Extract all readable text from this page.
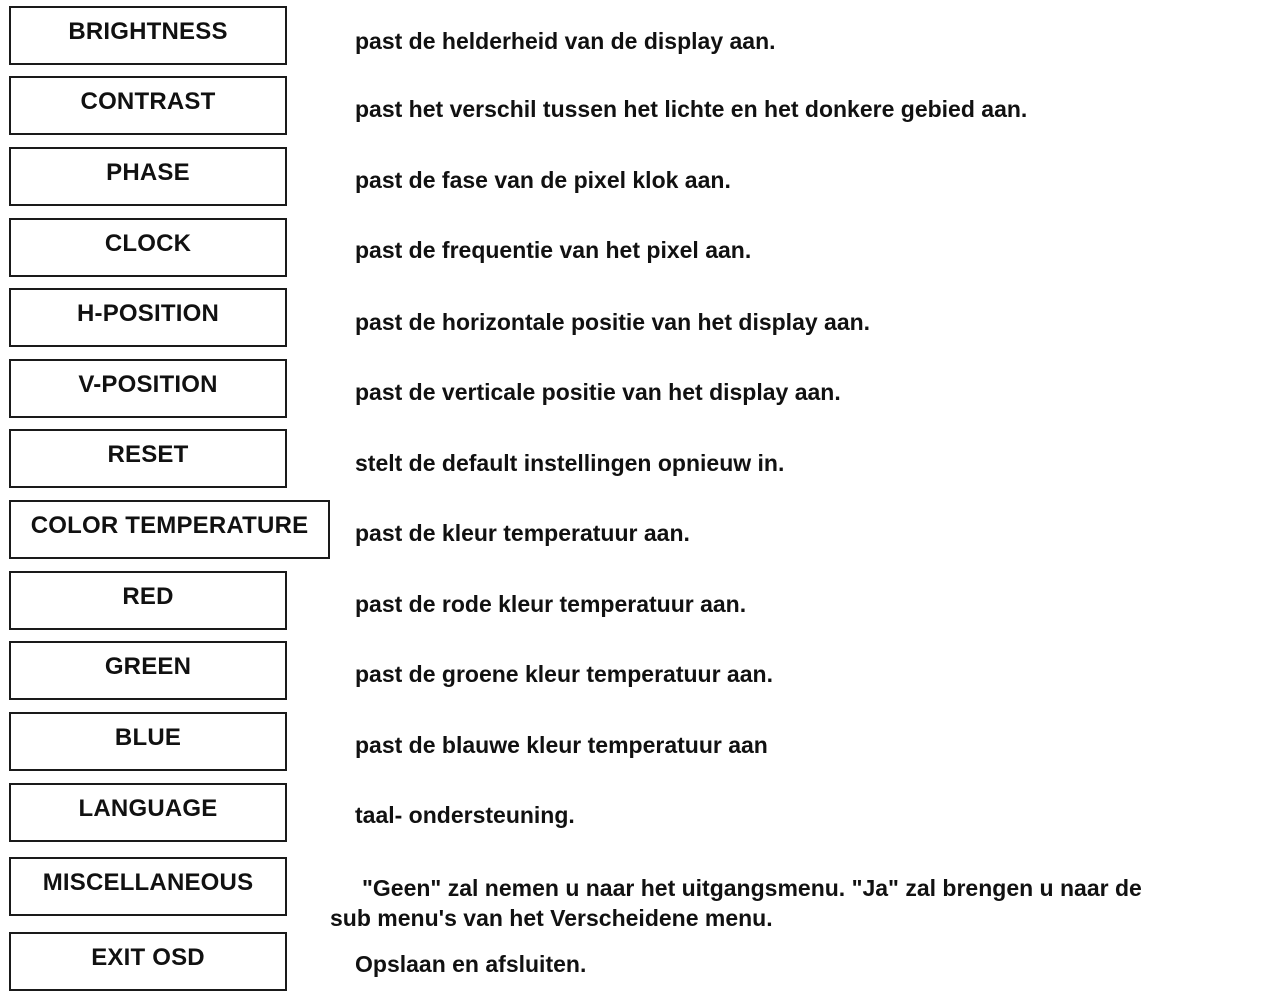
BRIGHTNESS	past de helderheid van de display aan.
CONTRAST	past het verschil tussen het lichte en het donkere gebied aan.
PHASE	past de fase van de pixel klok aan.
CLOCK	past de frequentie van het pixel aan.
H-POSITION	past de horizontale positie van het display aan.
V-POSITION	past de verticale positie van het display aan.
RESET	stelt de default instellingen opnieuw in.
COLOR TEMPERATURE past de kleur temperatuur aan.
RED	past de rode kleur temperatuur aan.
GREEN	past de groene kleur temperatuur aan.
BLUE	past de blauwe kleur temperatuur aan
LANGUAGE	taal- ondersteuning.
MISCELLANEOUS	"Geen" zal nemen u naar het uitgangsmenu. "Ja" zal brengen u naar de
sub menu's van het Verscheidene menu.
EXIT OSD	Opslaan en afsluiten.
